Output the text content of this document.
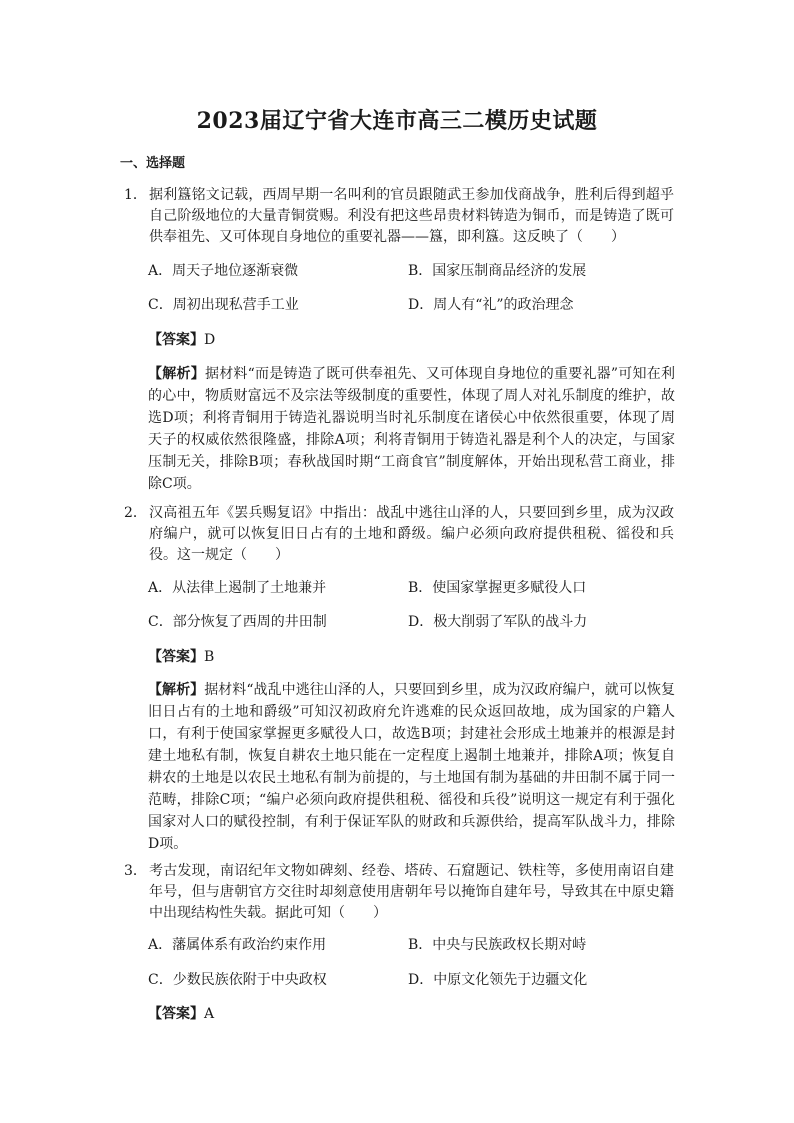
2023届辽宁省大连市高三二模历史试题
一、选择题
1． 据利簋铭文记载，西周早期一名叫利的官员跟随武王参加伐商战争，胜利后得到超乎自己阶级地位的大量青铜赏赐。利没有把这些昂贵材料铸造为铜币，而是铸造了既可供奉祖先、又可体现自身地位的重要礼器——簋，即利簋。这反映了（　　）
A．周天子地位逐渐衰微	B．国家压制商品经济的发展
C．周初出现私营手工业	D．周人有“礼”的政治理念
【答案】D
【解析】据材料“而是铸造了既可供奉祖先、又可体现自身地位的重要礼器”可知在利的心中，物质财富远不及宗法等级制度的重要性，体现了周人对礼乐制度的维护，故选D项；利将青铜用于铸造礼器说明当时礼乐制度在诸侯心中依然很重要，体现了周天子的权威依然很隆盛，排除A项；利将青铜用于铸造礼器是利个人的决定，与国家压制无关，排除B项；春秋战国时期“工商食官”制度解体，开始出现私营工商业，排除C项。
2． 汉高祖五年《罢兵赐复诏》中指出：战乱中逃往山泽的人，只要回到乡里，成为汉政府编户，就可以恢复旧日占有的土地和爵级。编户必须向政府提供租税、徭役和兵役。这一规定（　　）
A．从法律上遏制了土地兼并	B．使国家掌握更多赋役人口
C．部分恢复了西周的井田制	D．极大削弱了军队的战斗力
【答案】B
【解析】据材料“战乱中逃往山泽的人，只要回到乡里，成为汉政府编户，就可以恢复旧日占有的土地和爵级”可知汉初政府允许逃难的民众返回故地，成为国家的户籍人口，有利于使国家掌握更多赋役人口，故选B项；封建社会形成土地兼并的根源是封建土地私有制，恢复自耕农土地只能在一定程度上遏制土地兼并，排除A项；恢复自耕农的土地是以农民土地私有制为前提的，与土地国有制为基础的井田制不属于同一范畴，排除C项；“编户必须向政府提供租税、徭役和兵役”说明这一规定有利于强化国家对人口的赋役控制，有利于保证军队的财政和兵源供给，提高军队战斗力，排除D项。
3． 考古发现，南诏纪年文物如碑刻、经卷、塔砖、石窟题记、铁柱等，多使用南诏自建年号，但与唐朝官方交往时却刻意使用唐朝年号以掩饰自建年号，导致其在中原史籍中出现结构性失载。据此可知（　　）
A．藩属体系有政治约束作用	B．中央与民族政权长期对峙
C．少数民族依附于中央政权	D．中原文化领先于边疆文化
【答案】A
